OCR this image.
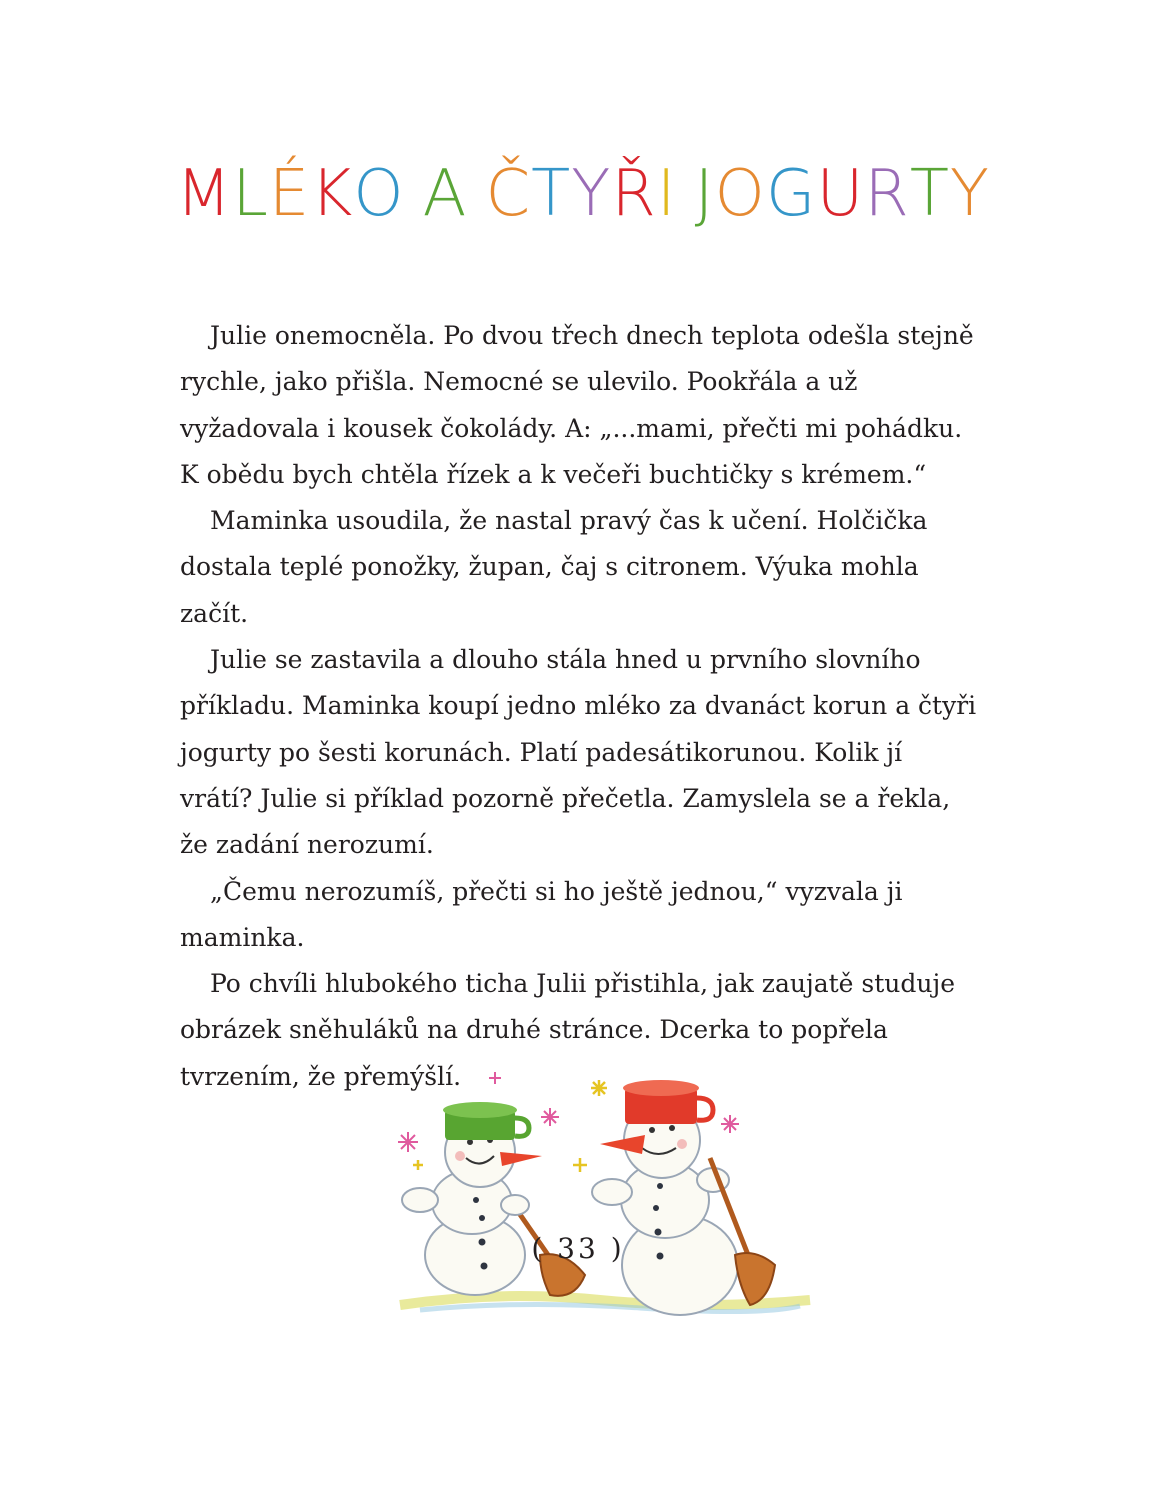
MLÉKO A ČTYŘI JOGURTY

Julie onemocněla. Po dvou třech dnech teplota odešla stejně rychle, jako přišla. Nemocné se ulevilo. Pookřála a už vyžadovala i kousek čokolády. A: „...mami, přečti mi pohádku. K obědu bych chtěla řízek a k večeři buchtičky s krémem.“

Maminka usoudila, že nastal pravý čas k učení. Holčička dostala teplé ponožky, župan, čaj s citronem. Výuka mohla začít.

Julie se zastavila a dlouho stála hned u prvního slovního příkladu. Maminka koupí jedno mléko za dvanáct korun a čtyři jogurty po šesti korunách. Platí padesátikorunou. Kolik jí vrátí? Julie si příklad pozorně přečetla. Zamyslela se a řekla, že zadání nerozumí.

„Čemu nerozumíš, přečti si ho ještě jednou,“ vyzvala ji maminka.

Po chvíli hlubokého ticha Julii přistihla, jak zaujatě studuje obrázek sněhuláků na druhé stránce. Dcerka to popřela tvrzením, že přemýšlí.

( 33 )
